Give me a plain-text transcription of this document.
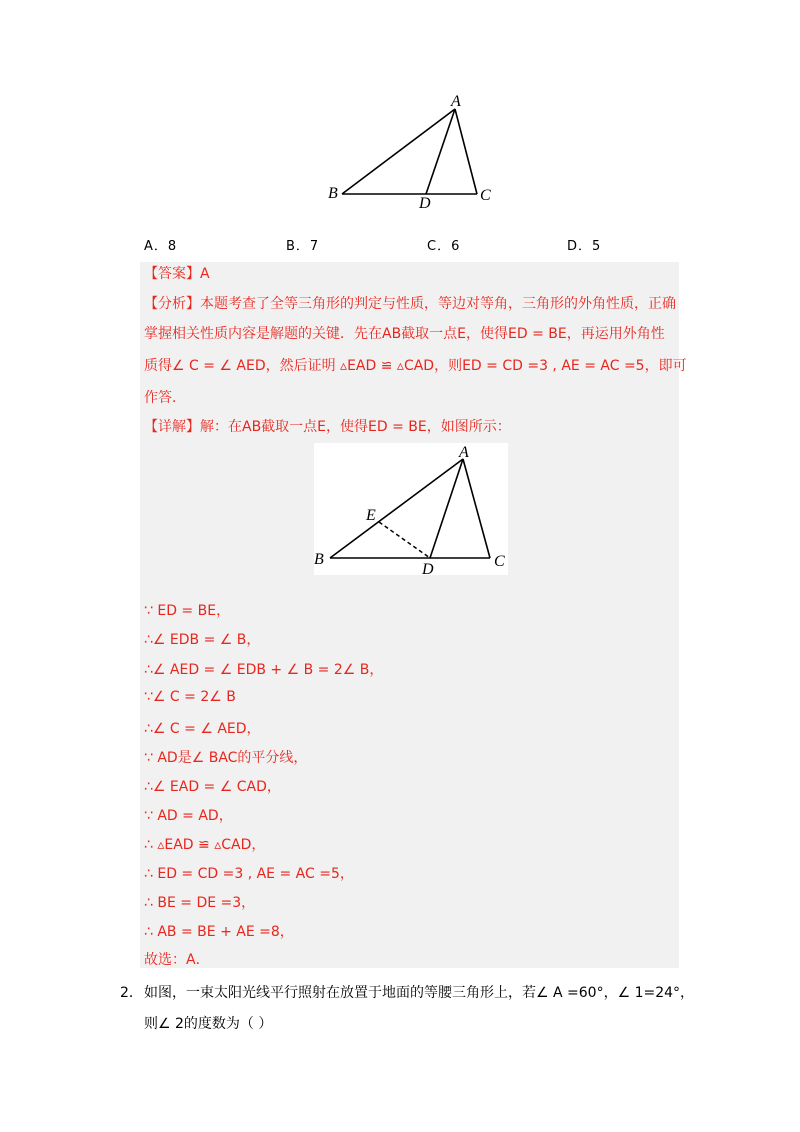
A
B	C
D
A．8	B．7	C．6	D．5
【答案】A
【分析】本题考查了全等三角形的判定与性质，等边对等角，三角形的外角性质，正确
掌握相关性质内容是解题的关键．先在AB截取一点E，使得ED = BE，再运用外角性
质得∠ C = ∠ AED，然后证明 ▵EAD ≌ ▵CAD，则ED = CD =3 , AE = AC =5，即可
作答．
【详解】解：在AB截取一点E，使得ED = BE，如图所示：
A
B	C
D
E
∵ ED = BE，
∴∠ EDB = ∠ B，
∴∠ AED = ∠ EDB + ∠ B = 2∠ B，
∵∠ C = 2∠ B
∴∠ C = ∠ AED，
∵ AD是∠ BAC的平分线，
∴∠ EAD = ∠ CAD，
∵ AD = AD，
∴ ▵EAD ≌ ▵CAD，
∴ ED = CD =3 , AE = AC =5，
∴ BE = DE =3，
∴ AB = BE + AE =8，
故选：A．
2． 如图，一束太阳光线平行照射在放置于地面的等腰三角形上，若∠ A =60°，∠ 1=24°，
则∠ 2的度数为（ ）
